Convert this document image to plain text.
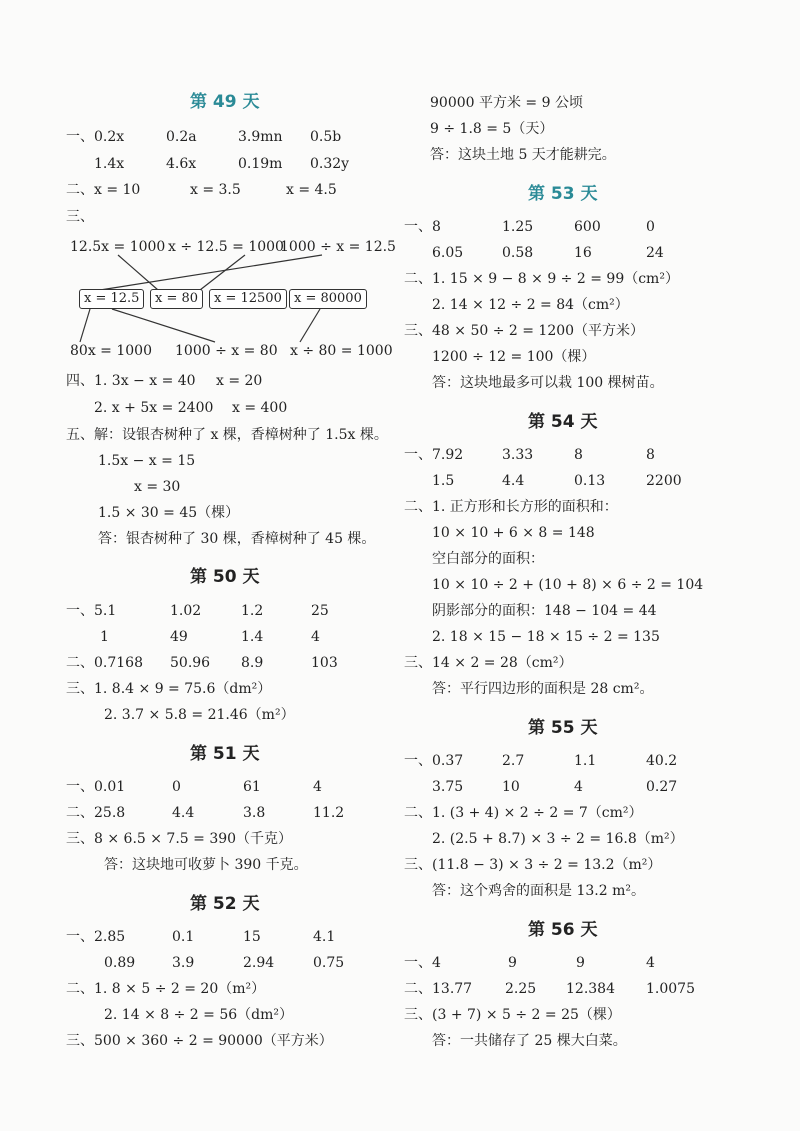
第 49 天
一、 0.2x	0.2a	3.9mn 0.5b
1.4x	4.6x	0.19m 0.32y
二、 x = 10	x = 3.5	x = 4.5
三、
12.5x = 1000 x ÷ 12.5 = 1000
1000 ÷ x = 12.5
x = 12.5	x = 80	x = 12500 x = 80000
80x = 1000 1000 ÷ x = 80 x ÷ 80 = 1000
四、 1. 3x − x = 40 x = 20
2. x + 5x = 2400 x = 400
五、 解：设银杏树种了 x 棵，香樟树种了 1.5x 棵。
1.5x − x = 15
x = 30
1.5 × 30 = 45（棵）
答：银杏树种了 30 棵，香樟树种了 45 棵。
第 50 天
一、 5.1	1.02	1.2	25
1	49	1.4	4
二、 0.7168 50.96 8.9	103
三、 1. 8.4 × 9 = 75.6（dm²）
2. 3.7 × 5.8 = 21.46（m²）
第 51 天
一、 0.01	0	61	4
二、 25.8	4.4	3.8	11.2
三、 8 × 6.5 × 7.5 = 390（千克）
答：这块地可收萝卜 390 千克。
第 52 天
一、 2.85	0.1	15	4.1
0.89	3.9	2.94	0.75
二、 1. 8 × 5 ÷ 2 = 20（m²）
2. 14 × 8 ÷ 2 = 56（dm²）
三、 500 × 360 ÷ 2 = 90000（平方米）
90000 平方米 = 9 公顷
9 ÷ 1.8 = 5（天）
答：这块土地 5 天才能耕完。
第 53 天
一、 8	1.25	600	0
6.05	0.58	16	24
二、 1. 15 × 9 − 8 × 9 ÷ 2 = 99（cm²）
2. 14 × 12 ÷ 2 = 84（cm²）
三、 48 × 50 ÷ 2 = 1200（平方米）
1200 ÷ 12 = 100（棵）
答：这块地最多可以栽 100 棵树苗。
第 54 天
一、 7.92	3.33	8	8
1.5	4.4	0.13	2200
二、 1. 正方形和长方形的面积和：
10 × 10 + 6 × 8 = 148
空白部分的面积：
10 × 10 ÷ 2 + (10 + 8) × 6 ÷ 2 = 104
阴影部分的面积：148 − 104 = 44
2. 18 × 15 − 18 × 15 ÷ 2 = 135
三、 14 × 2 = 28（cm²）
答：平行四边形的面积是 28 cm²。
第 55 天
一、 0.37	2.7	1.1	40.2
3.75	10	4	0.27
二、 1. (3 + 4) × 2 ÷ 2 = 7（cm²）
2. (2.5 + 8.7) × 3 ÷ 2 = 16.8（m²）
三、 (11.8 − 3) × 3 ÷ 2 = 13.2（m²）
答：这个鸡舍的面积是 13.2 m²。
第 56 天
一、 4	9	9	4
二、 13.77 2.25 12.384 1.0075
三、 (3 + 7) × 5 ÷ 2 = 25（棵）
答：一共储存了 25 棵大白菜。
